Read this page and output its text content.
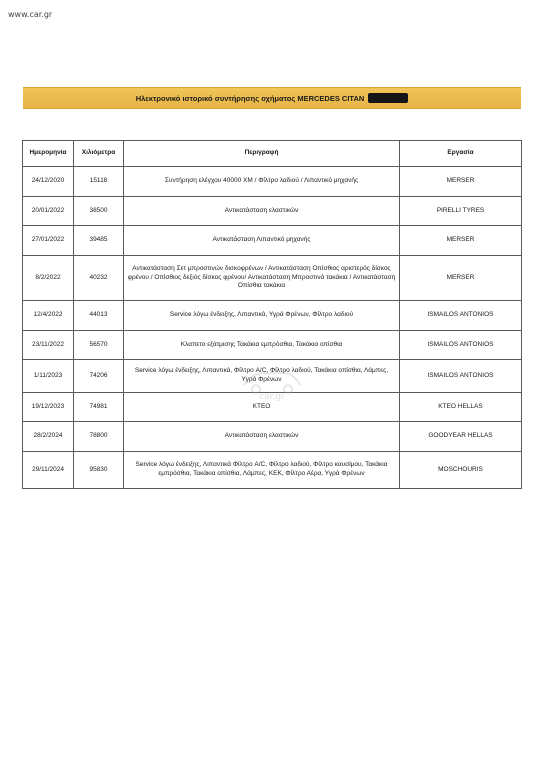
www.car.gr
Ηλεκτρονικό ιστορικό συντήρησης οχήματος MERCEDES CITAN
Ημερομηνία	Χιλιόμετρα	Περιγραφή	Εργασία
24/12/2020	15118	Συντήρηση ελέγχου 40000 ΧΜ / Φίλτρο λαδιού / Λιπαντικό μηχανής	MERSER
20/01/2022	38500	Αντικατάσταση ελαστικών	PIRELLI TYRES
27/01/2022	39485	Αντικατάσταση Λιπαντικό μηχανής	MERSER
8/2/2022	40232	Αντικατάσταση Σετ μπροστινών δισκοφρένων / Αντικατάσταση Οπίσθιος αριστερός δίσκος φρένου / Οπίσθιος δεξιός δίσκος φρένου/ Αντικατάσταση Μπροστινά τακάκια / Αντικατάσταση Οπίσθια τακάκια	MERSER
12/4/2022	44013	Service λόγω ένδειξης, Λιπαντικά, Υγρά Φρένων, Φίλτρο λαδιού	ISMAILOS ANTONIOS
23/11/2022	56570	Κλαπετο εξάτμισης Τακάκια εμπρόσθια, Τακάκια οπίσθια	ISMAILOS ANTONIOS
1/11/2023	74206	Service λόγω ένδειξης, Λιπαντικά, Φίλτρο A/C, Φίλτρο λαδιού, Τακάκια οπίσθια, Λάμπες, Υγρά Φρένων	ISMAILOS ANTONIOS
19/12/2023	74981	ΚΤΕΟ	KTEO HELLAS
28/2/2024	78800	Αντικατάσταση ελαστικών	GOODYEAR HELLAS
29/11/2024	95830	Service λόγω ένδειξης, Λιπαντικά Φίλτρο A/C, Φίλτρο λαδιού, Φίλτρο καυσίμου, Τακάκια εμπρόσθια, Τακάκια οπίσθια, Λάμπες, ΚΕΚ, Φίλτρο Αέρα, Υγρά Φρένων	MOSCHOURIS
car.gr
